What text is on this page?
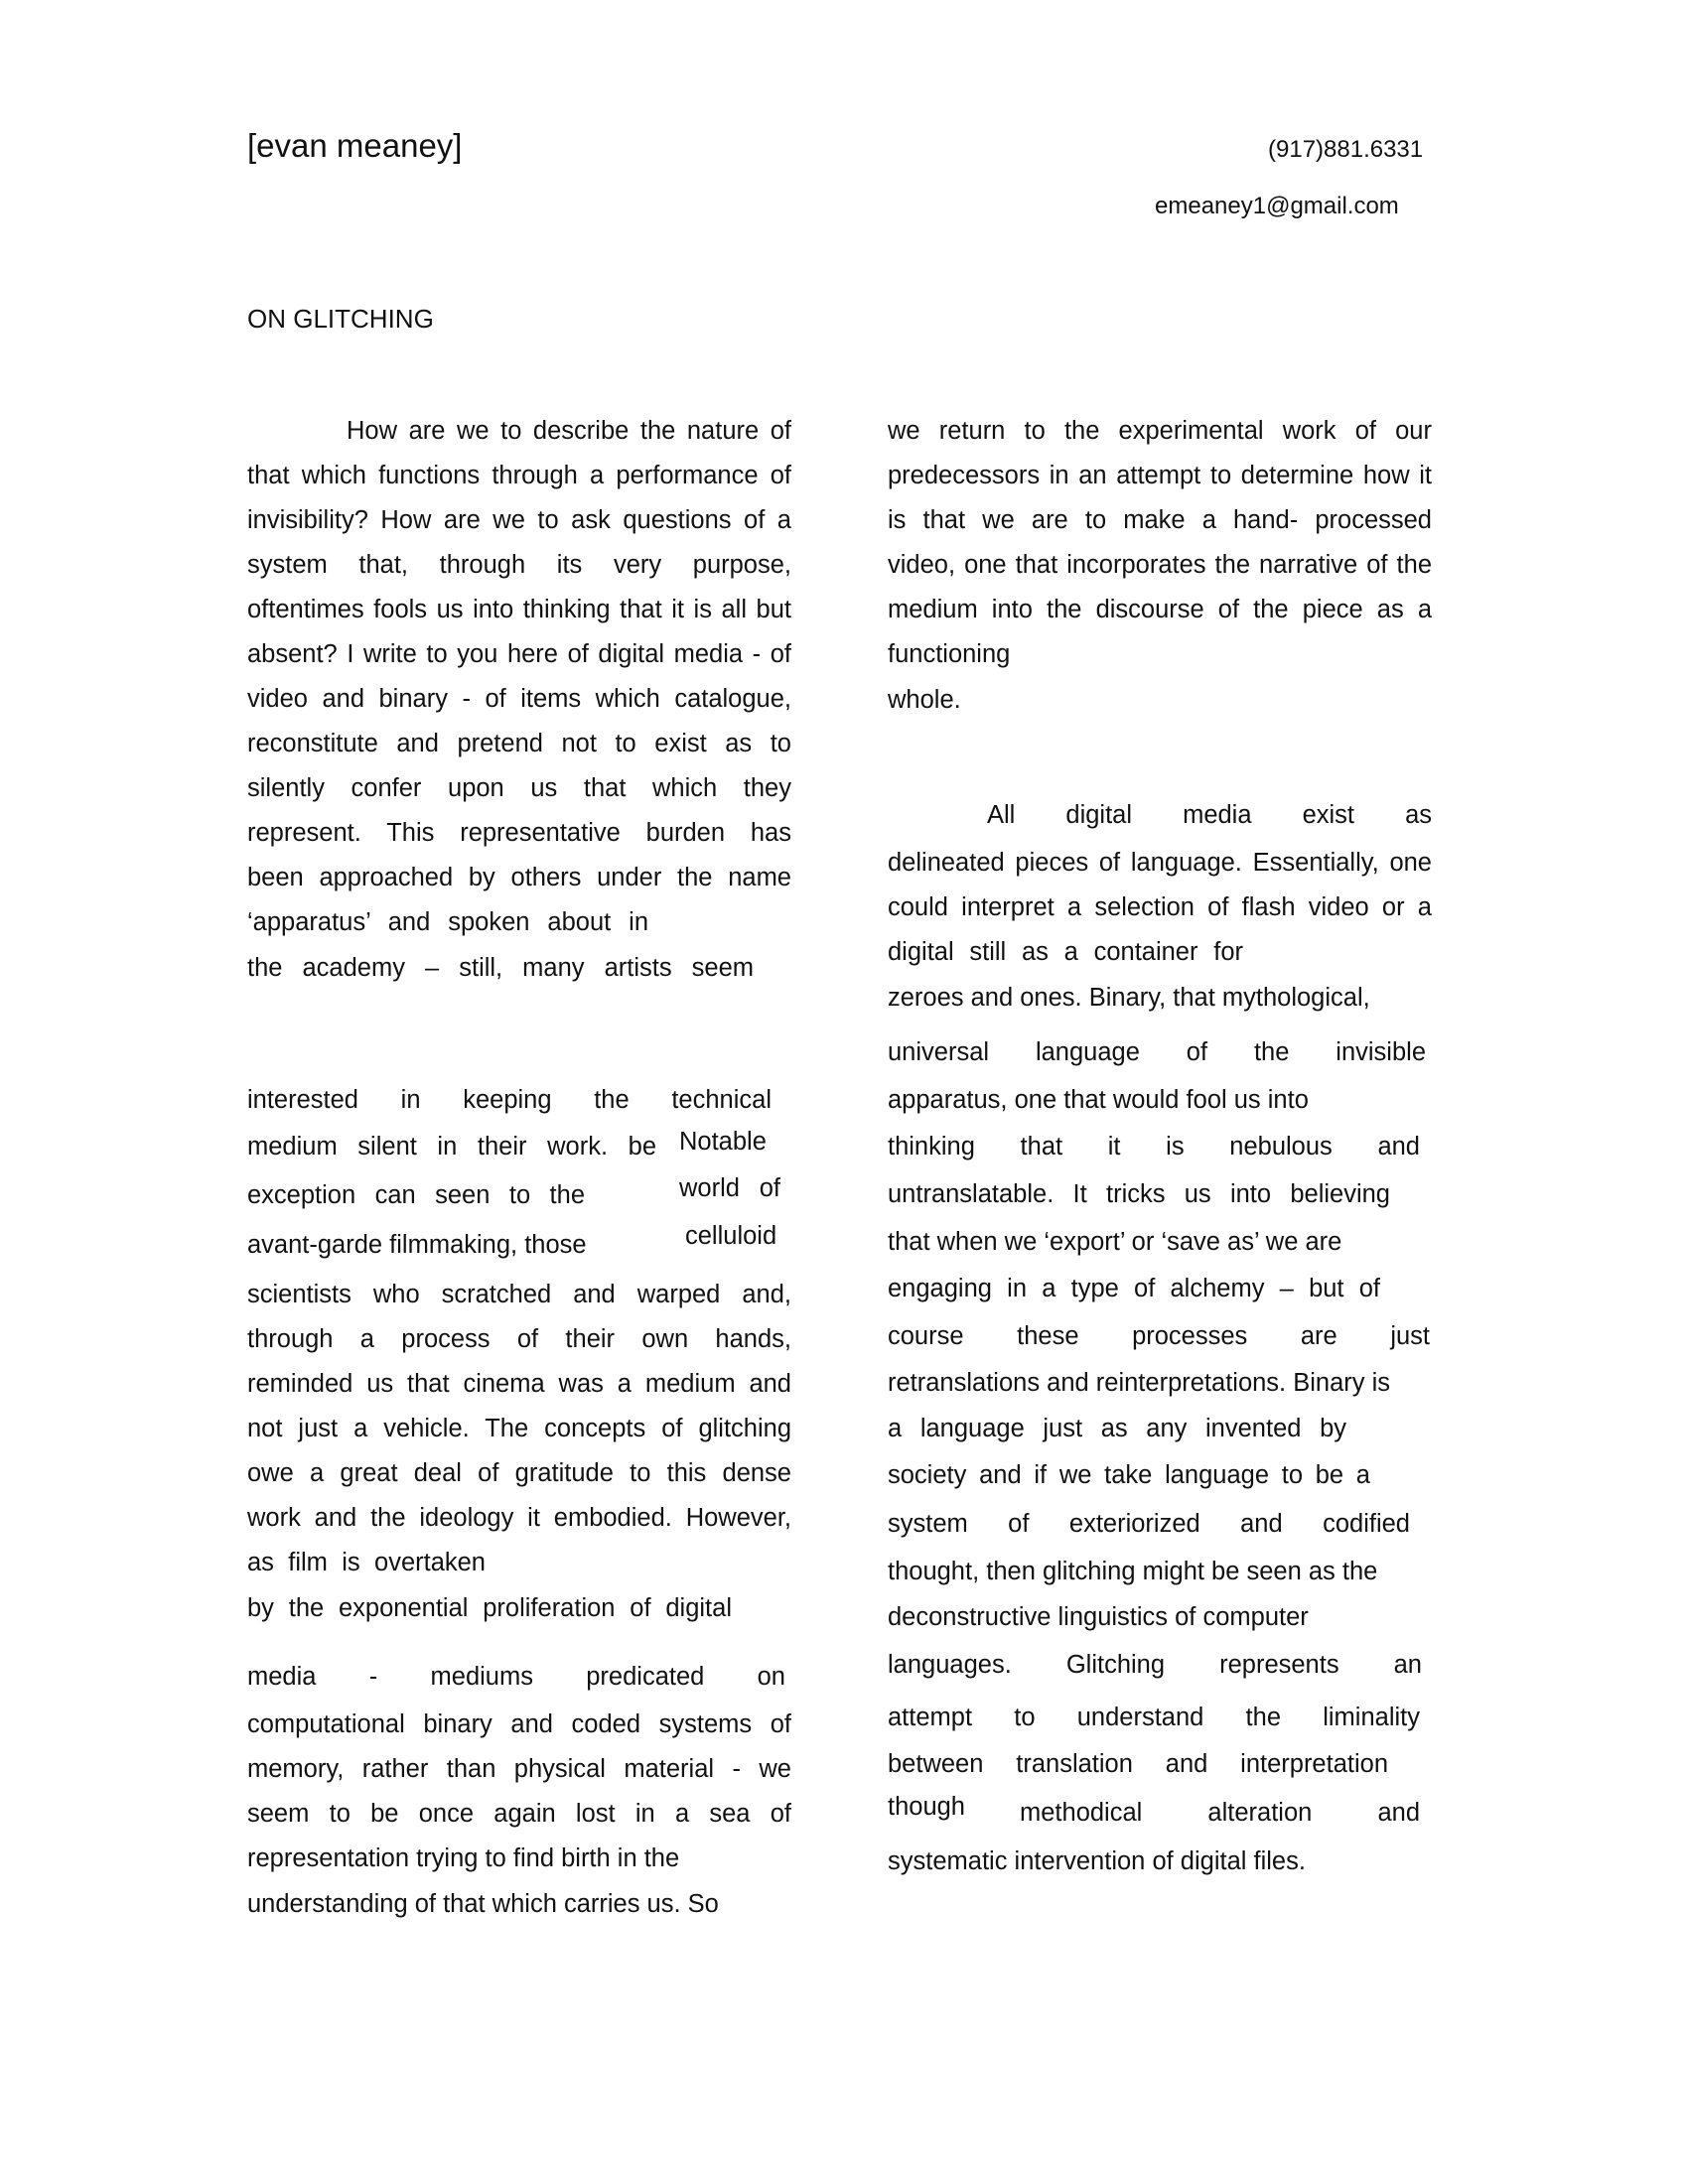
[evan meaney]	(917)881.6331
emeaney1@gmail.com
ON GLITCHING
How are we to describe the nature of
that which functions through a performance of
invisibility? How are we to ask questions of a
system that, through its very purpose,
oftentimes fools us into thinking that it is all but
absent? I write to you here of digital media - of
video and binary - of items which catalogue,
reconstitute and pretend not to exist as to
silently confer upon us that which they
represent. This representative burden has
been approached by others under the name
‘apparatus’ and spoken about in
the academy – still, many artists seem
interested in keeping the technical
medium silent in their work. be Notable
exception can seen to the	world of
avant-garde filmmaking, those	celluloid
scientists who scratched and warped and,
through a process of their own hands,
reminded us that cinema was a medium and
not just a vehicle. The concepts of glitching
owe a great deal of gratitude to this dense
work and the ideology it embodied. However,
as film is overtaken
by the exponential proliferation of digital
media - mediums predicated on
computational binary and coded systems of
memory, rather than physical material - we
seem to be once again lost in a sea of
representation trying to find birth in the
understanding of that which carries us. So
we return to the experimental work of our
predecessors in an attempt to determine how it
is that we are to make a hand- processed
video, one that incorporates the narrative of the
medium into the discourse of the piece as a
functioning
whole.
All digital media exist as
delineated pieces of language. Essentially, one
could interpret a selection of flash video or a
digital still as a container for
zeroes and ones. Binary, that mythological,
universal language of the invisible
apparatus, one that would fool us into
thinking that it is nebulous and
untranslatable. It tricks us into believing
that when we ‘export’ or ‘save as’ we are
engaging in a type of alchemy – but of
course these processes are just
retranslations and reinterpretations. Binary is
a language just as any invented by
society and if we take language to be a
system of exteriorized and codified
thought, then glitching might be seen as the
deconstructive linguistics of computer
languages. Glitching represents an
attempt to understand the liminality
between translation and interpretation
though	methodical alteration and
systematic intervention of digital files.
